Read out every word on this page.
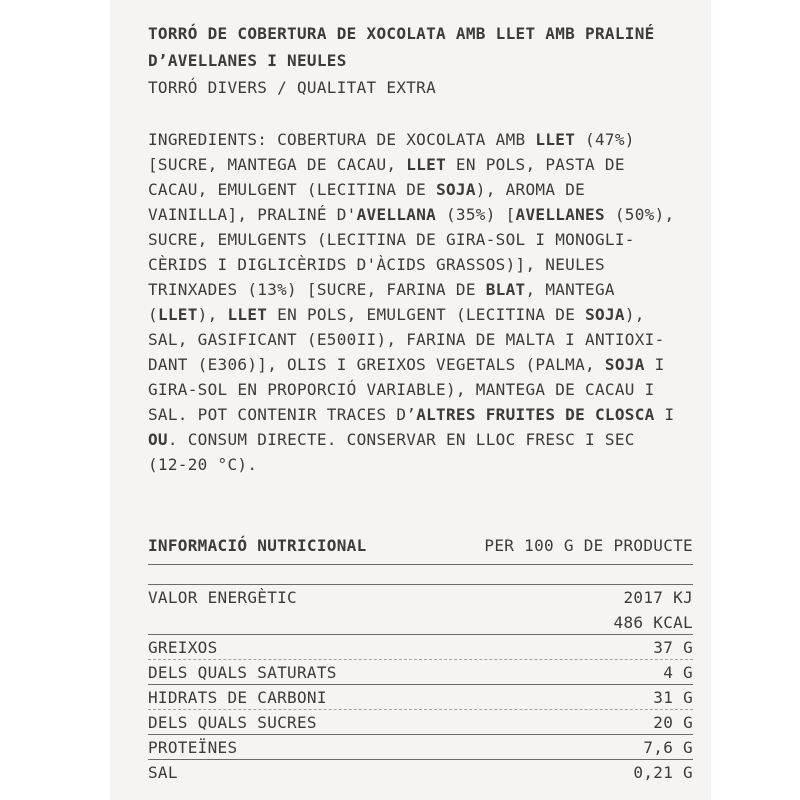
TORRÓ DE COBERTURA DE XOCOLATA AMB LLET AMB PRALINÉ
D’AVELLANES I NEULES
TORRÓ DIVERS / QUALITAT EXTRA
INGREDIENTS: COBERTURA DE XOCOLATA AMB LLET (47%)
[SUCRE, MANTEGA DE CACAU, LLET EN POLS, PASTA DE
CACAU, EMULGENT (LECITINA DE SOJA), AROMA DE
VAINILLA], PRALINÉ D'AVELLANA (35%) [AVELLANES (50%),
SUCRE, EMULGENTS (LECITINA DE GIRA-SOL I MONOGLI-
CÈRIDS I DIGLICÈRIDS D'ÀCIDS GRASSOS)], NEULES
TRINXADES (13%) [SUCRE, FARINA DE BLAT, MANTEGA
(LLET), LLET EN POLS, EMULGENT (LECITINA DE SOJA),
SAL, GASIFICANT (E500II), FARINA DE MALTA I ANTIOXI-
DANT (E306)], OLIS I GREIXOS VEGETALS (PALMA, SOJA I
GIRA-SOL EN PROPORCIÓ VARIABLE), MANTEGA DE CACAU I
SAL. POT CONTENIR TRACES D’ALTRES FRUITES DE CLOSCA I
OU. CONSUM DIRECTE. CONSERVAR EN LLOC FRESC I SEC
(12-20 °C).
INFORMACIÓ NUTRICIONAL	PER 100 G DE PRODUCTE
VALOR ENERGÈTIC	2017 KJ
486 KCAL
GREIXOS	37 G
DELS QUALS SATURATS	4 G
HIDRATS DE CARBONI	31 G
DELS QUALS SUCRES	20 G
PROTEÏNES	7,6 G
SAL	0,21 G
